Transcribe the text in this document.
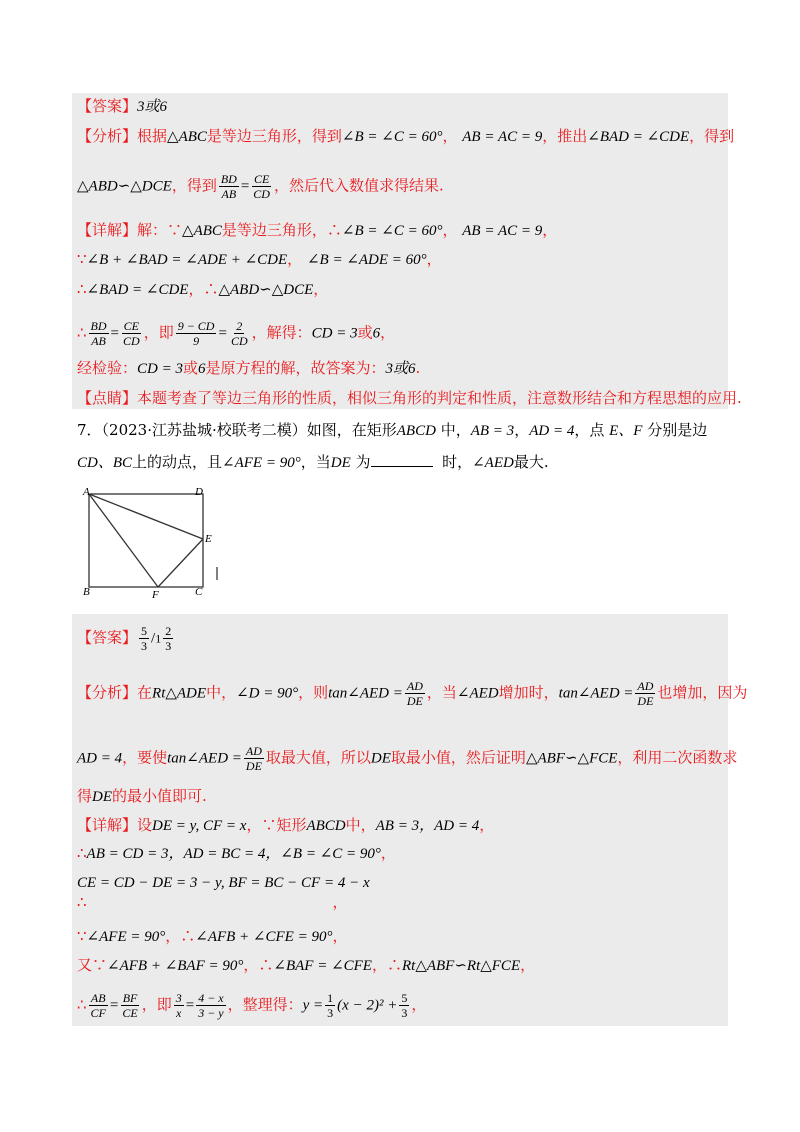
【答案】3或6
【分析】根据△ABC是等边三角形，得到∠B = ∠C = 60°， AB = AC = 9，推出∠BAD = ∠CDE，得到
△ABD∽△DCE，得到 $\frac{BD}{AB} = \frac{CE}{CD}$ ，然后代入数值求得结果.
【详解】解：∵△ABC是等边三角形，∴∠B = ∠C = 60°， AB = AC = 9，
∵∠B + ∠BAD = ∠ADE + ∠CDE， ∠B = ∠ADE = 60°，
∴∠BAD = ∠CDE，∴△ABD∽△DCE，
∴ $\frac{BD}{AB} = \frac{CE}{CD}$ ，即 $\frac{9 - CD}{9} = \frac{2}{CD}$ ，解得：CD = 3或6，
经检验：CD = 3或6是原方程的解，故答案为：3或6.
【点睛】本题考查了等边三角形的性质，相似三角形的判定和性质，注意数形结合和方程思想的应用.
7．（2023·江苏盐城·校联考二模）如图，在矩形ABCD 中，AB = 3，AD = 4，点 E、F 分别是边
CD、BC上的动点，且∠AFE = 90°，当DE 为	时，∠AED最大.
A	D
E
B	F	C
【答案】 $\frac{5}{3} /1 \frac{2}{3}$
【分析】在Rt△ADE中，∠D = 90°，则tan∠AED = $\frac{AD}{DE}$ ，当∠AED增加时，tan∠AED = $\frac{AD}{DE}$ 也增加，因为
AD = 4，要使tan∠AED = $\frac{AD}{DE}$ 取最大值，所以DE取最小值，然后证明△ABF∽△FCE，利用二次函数求
得DE的最小值即可.
【详解】设DE = y, CF = x，∵矩形ABCD中，AB = 3，AD = 4，
∴AB = CD = 3，AD = BC = 4，∠B = ∠C = 90°，
CE = CD − DE = 3 − y, BF = BC − CF = 4 − x
∴	，
∵∠AFE = 90°，∴∠AFB + ∠CFE = 90°，
又∵∠AFB + ∠BAF = 90°，∴∠BAF = ∠CFE，∴Rt△ABF∽Rt△FCE，
∴ $\frac{AB}{CF} = \frac{BF}{CE}$ ，即 $\frac{3}{x} = \frac{4 - x}{3 - y}$ ，整理得：$y = \frac{1}{3} (x - 2)^2 + \frac{5}{3}$ ，
